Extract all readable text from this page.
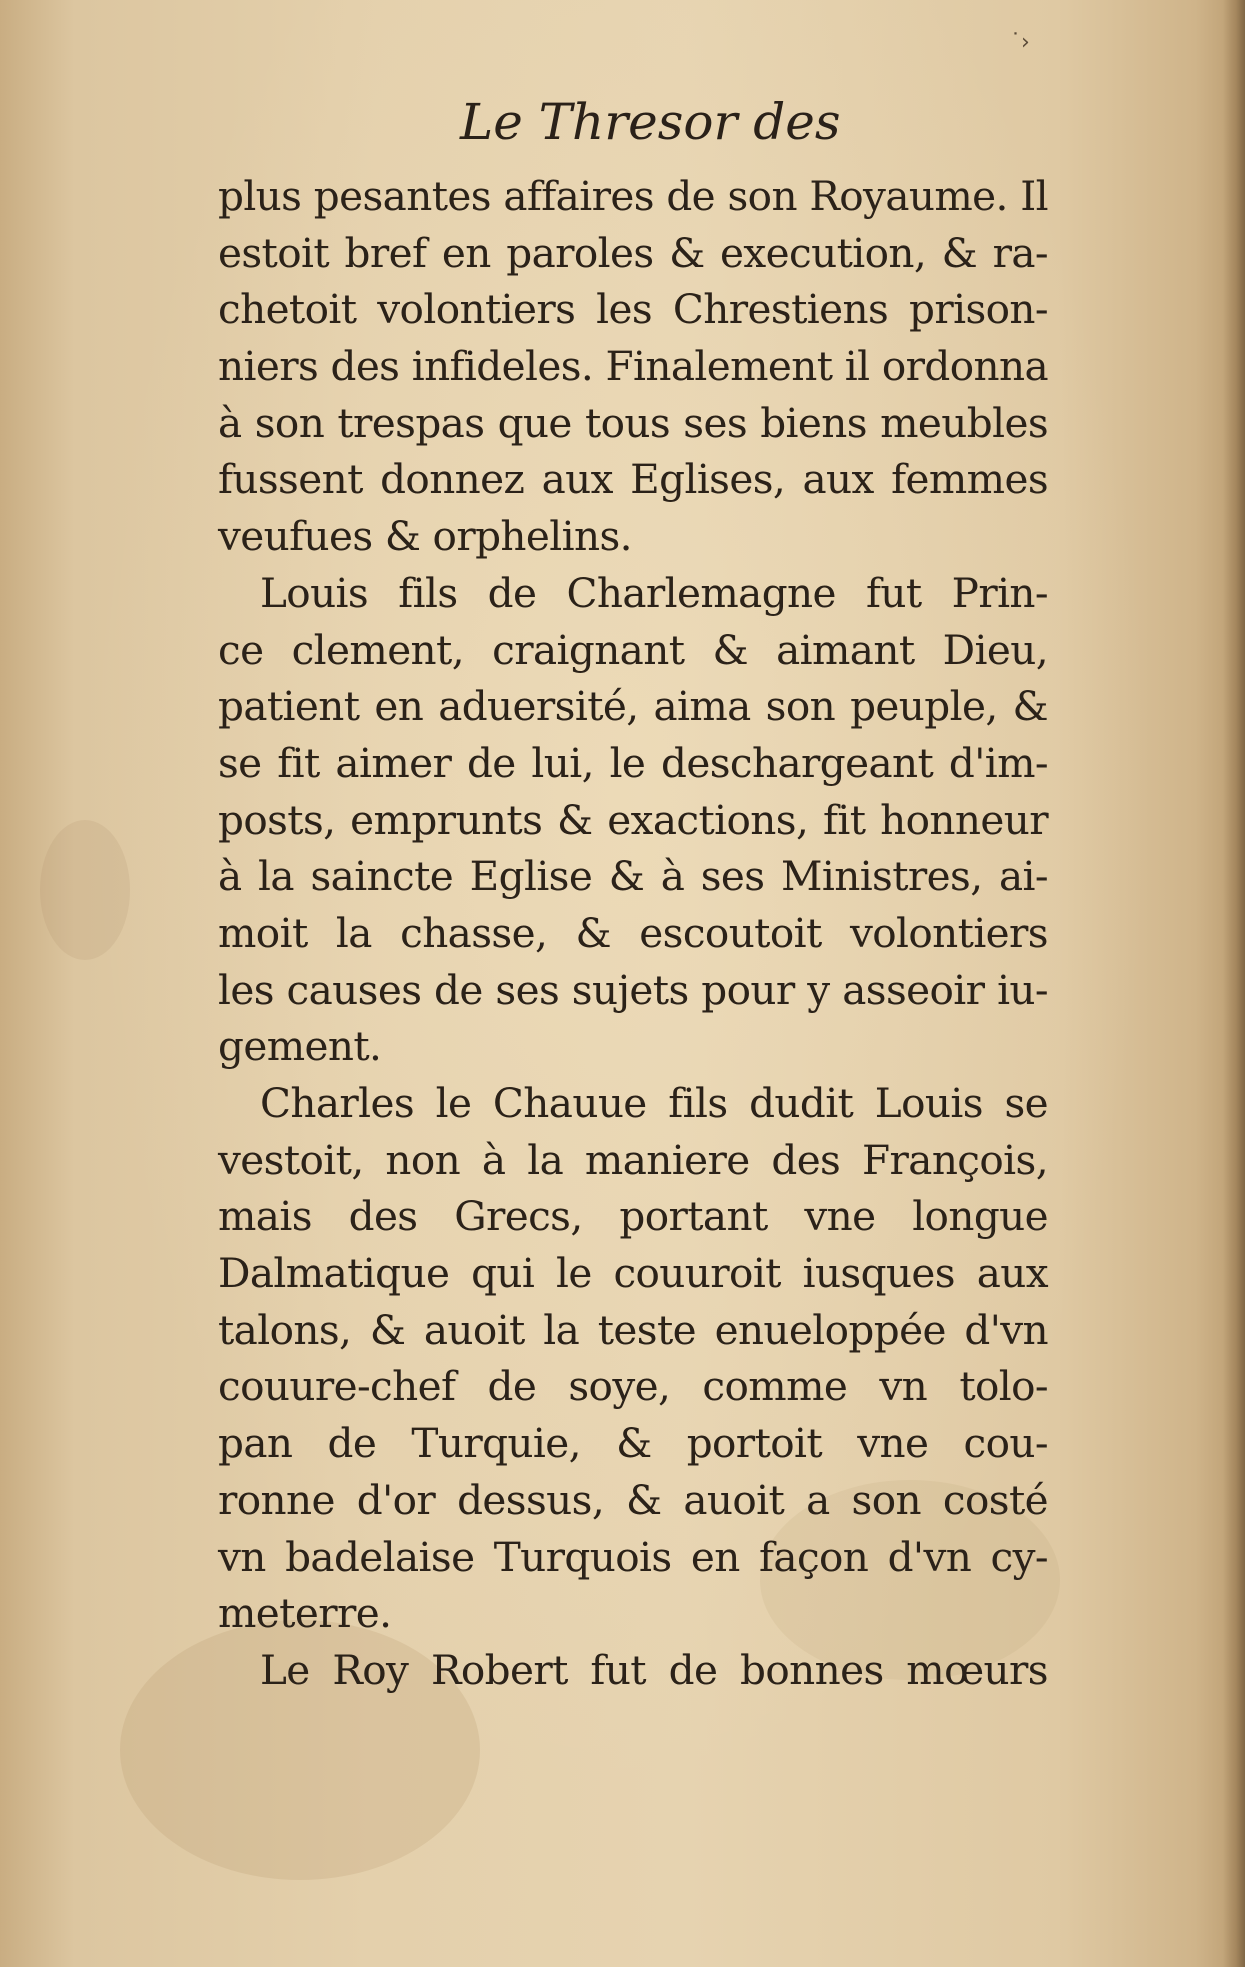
˙›
Le Thresor des
plus pesantes affaires de son Royaume. Il
estoit bref en paroles & execution, & ra-
chetoit volontiers les Chrestiens prison-
niers des infideles. Finalement il ordonna
à son trespas que tous ses biens meubles
fussent donnez aux Eglises, aux femmes
veufues & orphelins.
Louis fils de Charlemagne fut Prin-
ce clement, craignant & aimant Dieu,
patient en aduersité, aima son peuple, &
se fit aimer de lui, le deschargeant d'im-
posts, emprunts & exactions, fit honneur
à la saincte Eglise & à ses Ministres, ai-
moit la chasse, & escoutoit volontiers
les causes de ses sujets pour y asseoir iu-
gement.
Charles le Chauue fils dudit Louis se
vestoit, non à la maniere des François,
mais des Grecs, portant vne longue
Dalmatique qui le couuroit iusques aux
talons, & auoit la teste enueloppée d'vn
couure-chef de soye, comme vn tolo-
pan de Turquie, & portoit vne cou-
ronne d'or dessus, & auoit a son costé
vn badelaise Turquois en façon d'vn cy-
meterre.
Le Roy Robert fut de bonnes mœurs
